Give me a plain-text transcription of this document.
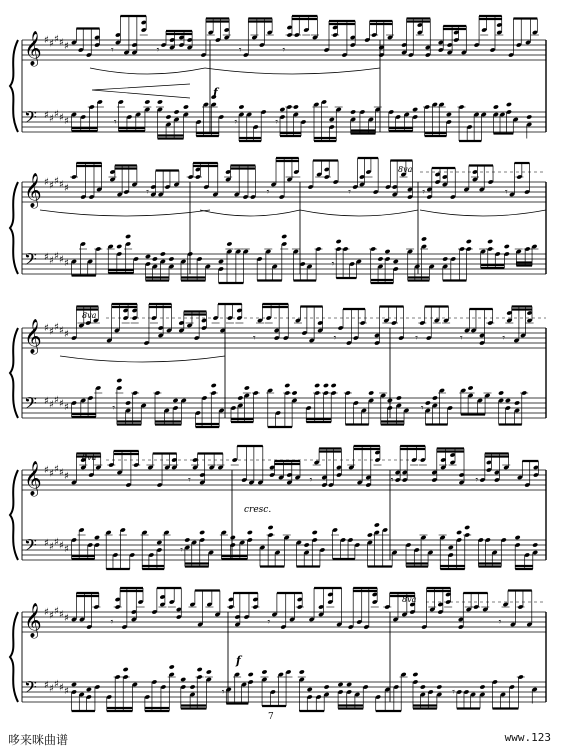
𝄞 ♯ ♯ ♯ ♯ ♯
𝄢 ♯ ♯ ♯ ♯ ♯
𝄾	𝄾	𝄾	𝄾
𝄾	𝄾	𝄾
𝄞 ♯ ♯ ♯ ♯ ♯
𝄢 ♯ ♯ ♯ ♯ ♯
𝄾	𝄾	𝄾	𝄾	𝄾
𝄾
𝄞 ♯ ♯ ♯ ♯ ♯
𝄢 ♯ ♯ ♯ ♯ ♯
𝄾	𝄾	𝄾	𝄾	𝄾
𝄾	𝄾
𝄞 ♯ ♯ ♯ ♯ ♯
𝄢 ♯ ♯ ♯ ♯ ♯
𝄾	𝄾	𝄾	𝄾
𝄾
𝄞 ♯ ♯ ♯ ♯ ♯
𝄢 ♯ ♯ ♯ ♯ ♯
𝄾	𝄾	𝄾
𝄾	𝄾
7
哆来咪曲谱	www.123
f
8va
8va
8va
cresc.
f
8va
